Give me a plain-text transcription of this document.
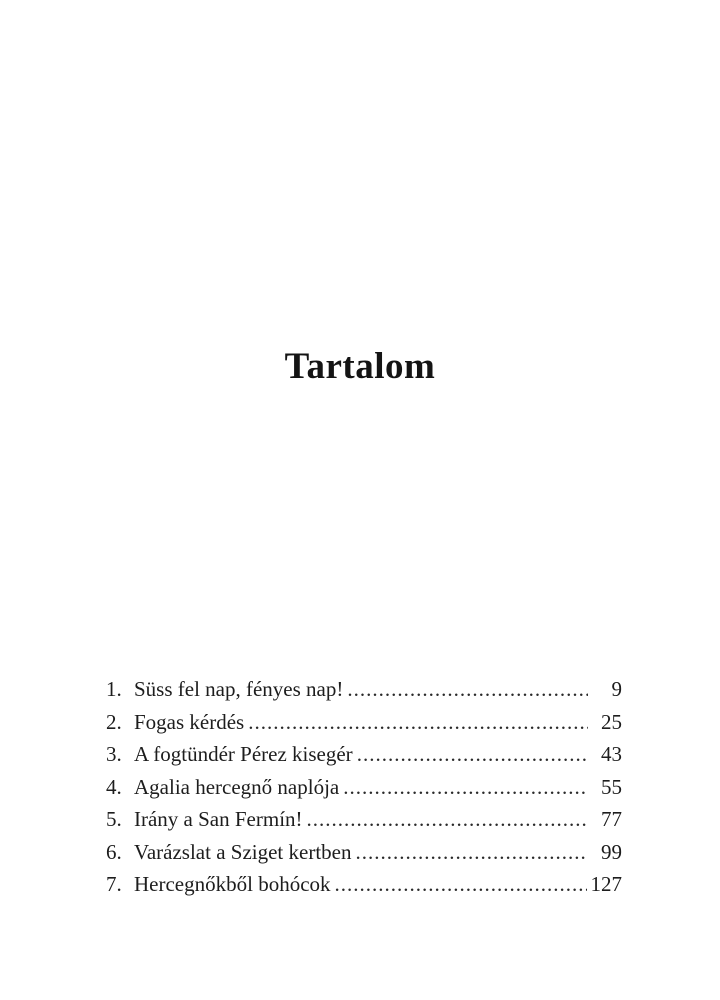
Tartalom
1. Süss fel nap, fényes nap! .....	9
2. Fogas kérdés .....	25
3. A fogtündér Pérez kisegér .....	43
4. Agalia hercegnő naplója .....	55
5. Irány a San Fermín! .....	77
6. Varázslat a Sziget kertben .....	99
7. Hercegnőkből bohócok .....	127
